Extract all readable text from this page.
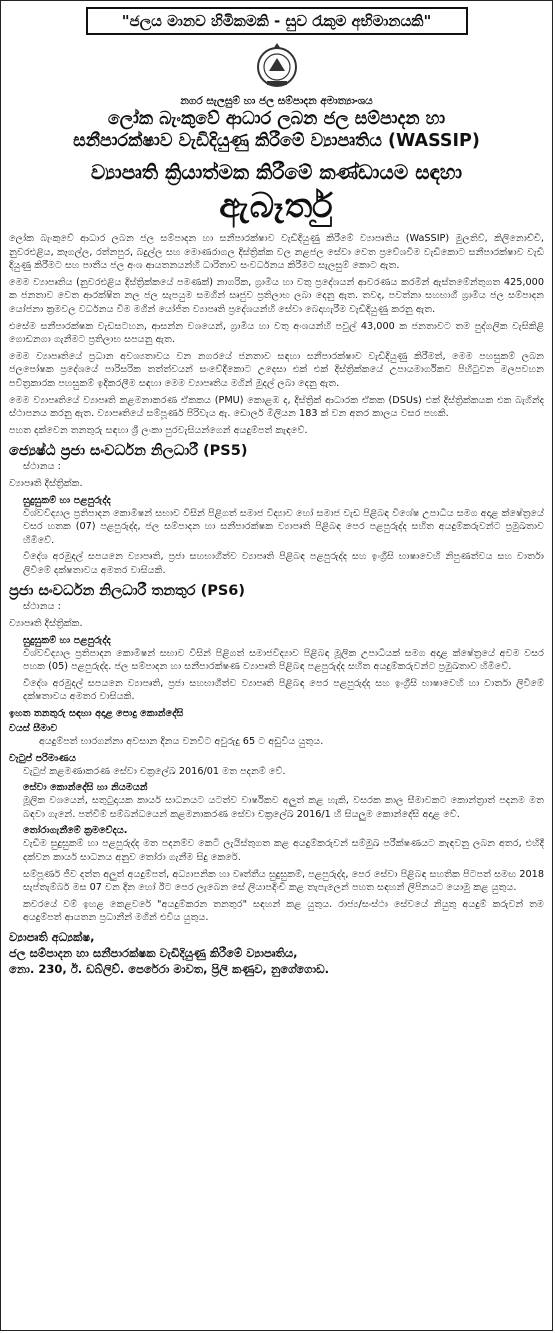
"ජලය මානව හිමිකමකි - සුව රැකුම අභිමානයකි"
නගර සැලසුම් හා ජල සම්පාදන අමාත්‍යාංශය
ලෝක බැංකුවේ ආධාර ලබන ජල සම්පාදන හා
සනීපාරක්ෂාව වැඩිදියුණු කිරීමේ ව්‍යාපෘතිය (WASSIP)
ව්‍යාපෘති ක්‍රියාත්මක කිරීමේ කණ්ඩායම සඳහා
ඇබෑර්තු

ලෝක බැංකුවේ ආධාර ලබන ජල සම්පාදන හා සනීපාරක්ෂාව වැඩිදියුණු කිරීමේ ව්‍යාපෘතිය (WaSSIP) මුලතිව්, කිලිනොච්චි, නුවරඑළිය, කෑගල්ල, රත්නපුර, බදුල්ල සහ මොණරාගල දිස්ත්‍රික්ක වල නළජල සේවා වෙත ප්‍රවේශවීම වැඩිකොට සනීපාරක්ෂාව වැඩි දියුණු කිරීමට සහ පාතීය ජල අංශ ආයතනයන්හි ධාරිතාව සංවර්ධනය කිරීමට සැලසුම් කොට ඇත.

මෙම ව්‍යාපෘතිය (නුවරඑළිය දිස්ත්‍රික්කයේ පමණක්) නාගරික, ග්‍රාමීය හා වතු ප්‍රදේශයන් ආවරණය කරමින් ඇස්තමේන්තුගත 425,000 ක ජනතාව වෙත ආරක්ෂිත නල ජල සැපයුම සමගින් සෘජුව ප්‍රතිලාභ ලබා දෙනු ඇත. තවද, පවත්නා සහභාගී ග්‍රාමීය ජල සම්පාදන යෝජනා ක්‍රමවල වර්ධනය වීම මගින් යෝජිත ව්‍යාපෘති ප්‍රදේශයන්හි සේවා බෙදාහැරීම වැඩිදියුණු කරනු ඇත.

එසේම සනීපාරක්ෂක වැඩසටහන, ආසන්න වශයෙන්, ග්‍රාමීය හා වතු අංශයන්හි පවුල් 43,000 ක ජනතාවට තම පුද්ගලික වැසිකිළි ගොඩනගා ගැනීමට ප්‍රතිලාභ සපයනු ඇත.

මෙම ව්‍යාපෘතියේ ප්‍රධාන අවශ්‍යතාවය වන නගරයේ ජනතාව සඳහා සනීපාරක්ෂාව වැඩිදියුණු කිරීමත්, මෙම පහසුකම් ලබන ජලපෝෂක ප්‍රදේශයේ පාරිසරික තත්ත්වයන් සංවේදීකොට උදෙසා එක් එක් දිස්ත්‍රික්කයේ උපායමාර්ගිකව පිහිටුවන මලපවහන පවිත්‍රකාරක පහසුකම් ඉදිකරලීම සඳහා මෙම ව්‍යාපෘතිය මගින් මුදල් ලබා දෙනු ඇත.

මෙම ව්‍යාපෘතියේ ව්‍යාපෘති කළමනාකරණ ඒකකය (PMU) කොළඹ ද, දිස්ත්‍රික් ආධාරක ඒකක (DSUs) එක් දිස්ත්‍රික්කයක එක බැගින්ද ස්ථාපනය කරනු ඇත. ව්‍යාපෘතියේ සම්පූර්ණ පිරිවැය ඇ. ඩොලර් මිලියන 183 ක් වන අතර කාලය වසර පහකි.

පහත දක්වෙන තනතුරු සඳහා ශ්‍රී ලංකා පුරවැසියන්ගෙන් අයදුම්පත් කැඳවේ.

ජ්‍යෙෂ්ඨ ප්‍රජා සංවර්ධන නිලධාරී (PS5)

ස්ථානය :

ව්‍යාපෘති දිස්ත්‍රික්ක.

සුදුසුකම් හා පළපුරුද්ද

විශ්වවිද්‍යාල ප්‍රතිපාදන කොමිෂන් සභාව විසින් පිළිගත් සමාජ විද්‍යාව හෝ සමාජ වැඩ පිළිබඳ විශේෂ උපාධිය සමග අදාළ ක්ෂේත්‍රයේ වසර හතක (07) පළපුරුද්ද, ජල සම්පාදන හා සනීපාරක්ෂක ව්‍යාපෘති පිළිබඳ පෙර පළපුරුද්ද සහිත අයදුම්කරුවන්ට ප්‍රමුඛතාව හිමිවේ.

විදේශ අරමුදල් සපයනෙ ව්‍යාපෘති, ප්‍රජා සහභාගීත්ව ව්‍යාපෘති පිළිබඳ පළපුරුද්ද සහ ඉංග්‍රීසි භාෂාවෙහි නිපුණත්වය සහ වාර්තා ලිවීමේ දක්ෂතාවය අමතර වාසියකි.

ප්‍රජා සංවර්ධන නිලධාරී තනතුර (PS6)

ස්ථානය :

ව්‍යාපෘති දිස්ත්‍රික්ක.

සුදුසුකම් හා පළපුරුද්ද

විශ්වවිද්‍යාල ප්‍රතිපාදන කොමිෂන් සභාව විසින් පිළිගත් සමාජවිද්‍යාව පිළිබඳ මූලික උපාධියක් සමග අදාළ ක්ෂේත්‍රයේ අවම වසර පහක (05) පළපුරුද්ද. ජල සම්පාදන හා සනීපාරක්ෂණ ව්‍යාපෘති පිළිබඳ පළපුරුද්ද සහිත අයදුම්කරුවන්ට ප්‍රමුඛතාව හිමිවේ.

විදේශ අරමුදල් සපයනෙ ව්‍යාපෘති, ප්‍රජා සහභාගීත්ව ව්‍යාපෘති පිළිබඳ පෙර පළපුරුද්ද සහ ඉංග්‍රීසි භාෂාවෙහි හා වාර්තා ලිවීමේ දක්ෂතාවය අමතර වාසියකි.

ඉහත තනතුරු සඳහා අදාළ පොදු කොන්දේසි
වයස් සීමාව

අයදුම්පත් භාරගන්නා අවසාන දිනය වනවිට අවුරුදු 65 ට අඩුවිය යුතුය.

වැටුප් පරිමාණය

වැටුප් කළමණාකරණ සේවා චක්‍රලේඛ 2016/01 මත පදනම් වේ.

සේවා කොන්දේසි හා නියමයන්

මූලික වශයෙන්, සතුටුදායක කාර්ය සාධනයට යටත්ව වාර්ෂිකව අලුත් කළ හැකි, වසරක කාල සීමාවකට කොන්ත්‍රාත් පදනම මත බඳවා ගැනේ. පත්වීම් සම්බන්ධයෙන් කළමනාකරණ සේවා චක්‍රලේඛ 2016/1 හි සියලුම කොන්දේසි අදාළ වේ.

තෝරාගැනීමේ ක්‍රමවේදය.

වැඩිම සුදුසුකම් හා පළපුරුද්ද මත පදනම්ව කෙටි ලැයිස්තුගත කළ අයදුම්කරුවන් සම්මුඛ පරීක්ෂණයට කැඳවනු ලබන අතර, එහිදී දක්වන කාර්ය සාධනය අනුව තෝරා ගැනීම සිදු කෙරේ.

සම්පූර්ණ ජීව දත්ත අලුත් අයදුම්පත්, අධ්‍යාපනික හා වෘත්තීය සුදුසුකම්, පළපුරුද්ද, පෙර සේවා පිළිබඳ සහතික පිටපත් සමඟ 2018 සැප්තැම්බර් මස 07 වන දින හෝ ඊට පෙර ලැබෙන සේ ලියාපදිංචි කළ තැපැලෙන් පහත සඳහන් ලිපිනයට යොමු කළ යුතුය.

කවරයේ වම් ඉහළ කෙළවරේ "අයදුම්කරන තනතුර" සඳහන් කළ යුතුය. රාජ්‍ය/සංස්ථා සේවයේ නියුතු අයදුම් කරුවන් තම අයදුම්පත් ආයතන ප්‍රධානීන් මගින් එවිය යුතුය.

ව්‍යාපෘති අධ්‍යක්ෂ,
ජල සම්පාදන හා සනීපාරක්ෂක වැඩිදියුණු කිරීමේ ව්‍යාපෘතිය,
නො. 230, ඊ. ඩබ්ලිව්. පෙරේරා මාවත, ප්‍රිලි කණුව, නුගේගොඩ.
